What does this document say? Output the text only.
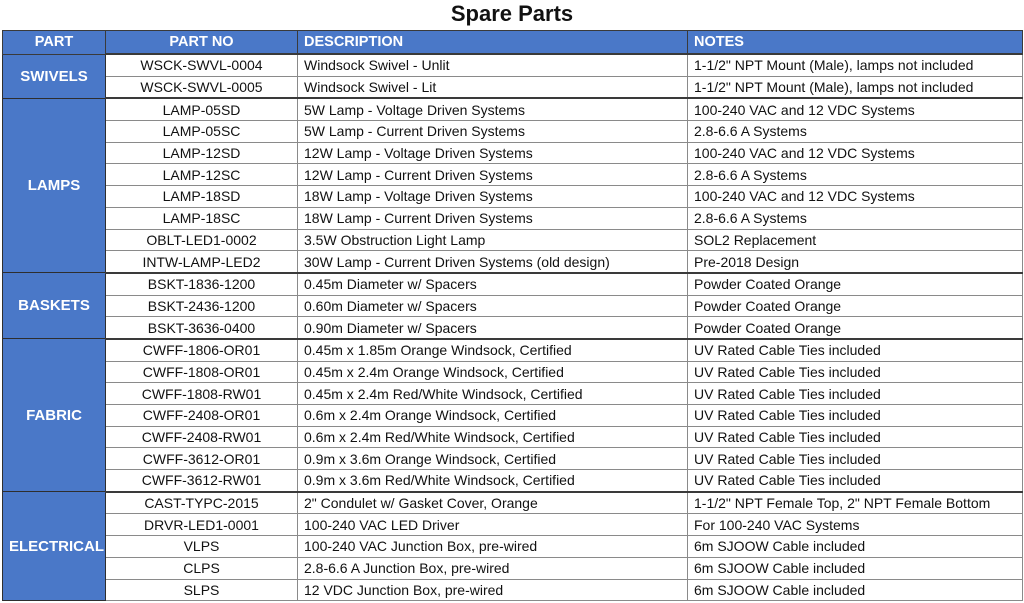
Spare Parts
PART	PART NO	DESCRIPTION	NOTES
SWIVELS	WSCK-SWVL-0004	Windsock Swivel - Unlit	1-1/2" NPT Mount (Male), lamps not included
	WSCK-SWVL-0005	Windsock Swivel - Lit	1-1/2" NPT Mount (Male), lamps not included
LAMPS	LAMP-05SD	5W Lamp - Voltage Driven Systems	100-240 VAC and 12 VDC Systems
	LAMP-05SC	5W Lamp - Current Driven Systems	2.8-6.6 A Systems
	LAMP-12SD	12W Lamp - Voltage Driven Systems	100-240 VAC and 12 VDC Systems
	LAMP-12SC	12W Lamp - Current Driven Systems	2.8-6.6 A Systems
	LAMP-18SD	18W Lamp - Voltage Driven Systems	100-240 VAC and 12 VDC Systems
	LAMP-18SC	18W Lamp - Current Driven Systems	2.8-6.6 A Systems
	OBLT-LED1-0002	3.5W Obstruction Light Lamp	SOL2 Replacement
	INTW-LAMP-LED2	30W Lamp - Current Driven Systems (old design)	Pre-2018 Design
BASKETS	BSKT-1836-1200	0.45m Diameter w/ Spacers	Powder Coated Orange
	BSKT-2436-1200	0.60m Diameter w/ Spacers	Powder Coated Orange
	BSKT-3636-0400	0.90m Diameter w/ Spacers	Powder Coated Orange
FABRIC	CWFF-1806-OR01	0.45m x 1.85m Orange Windsock, Certified	UV Rated Cable Ties included
	CWFF-1808-OR01	0.45m x 2.4m Orange Windsock, Certified	UV Rated Cable Ties included
	CWFF-1808-RW01	0.45m x 2.4m Red/White Windsock, Certified	UV Rated Cable Ties included
	CWFF-2408-OR01	0.6m x 2.4m Orange Windsock, Certified	UV Rated Cable Ties included
	CWFF-2408-RW01	0.6m x 2.4m Red/White Windsock, Certified	UV Rated Cable Ties included
	CWFF-3612-OR01	0.9m x 3.6m Orange Windsock, Certified	UV Rated Cable Ties included
	CWFF-3612-RW01	0.9m x 3.6m Red/White Windsock, Certified	UV Rated Cable Ties included
ELECTRICAL	CAST-TYPC-2015	2" Condulet w/ Gasket Cover, Orange	1-1/2" NPT Female Top, 2" NPT Female Bottom
	DRVR-LED1-0001	100-240 VAC LED Driver	For 100-240 VAC Systems
	VLPS	100-240 VAC Junction Box, pre-wired	6m SJOOW Cable included
	CLPS	2.8-6.6 A Junction Box, pre-wired	6m SJOOW Cable included
	SLPS	12 VDC Junction Box, pre-wired	6m SJOOW Cable included
